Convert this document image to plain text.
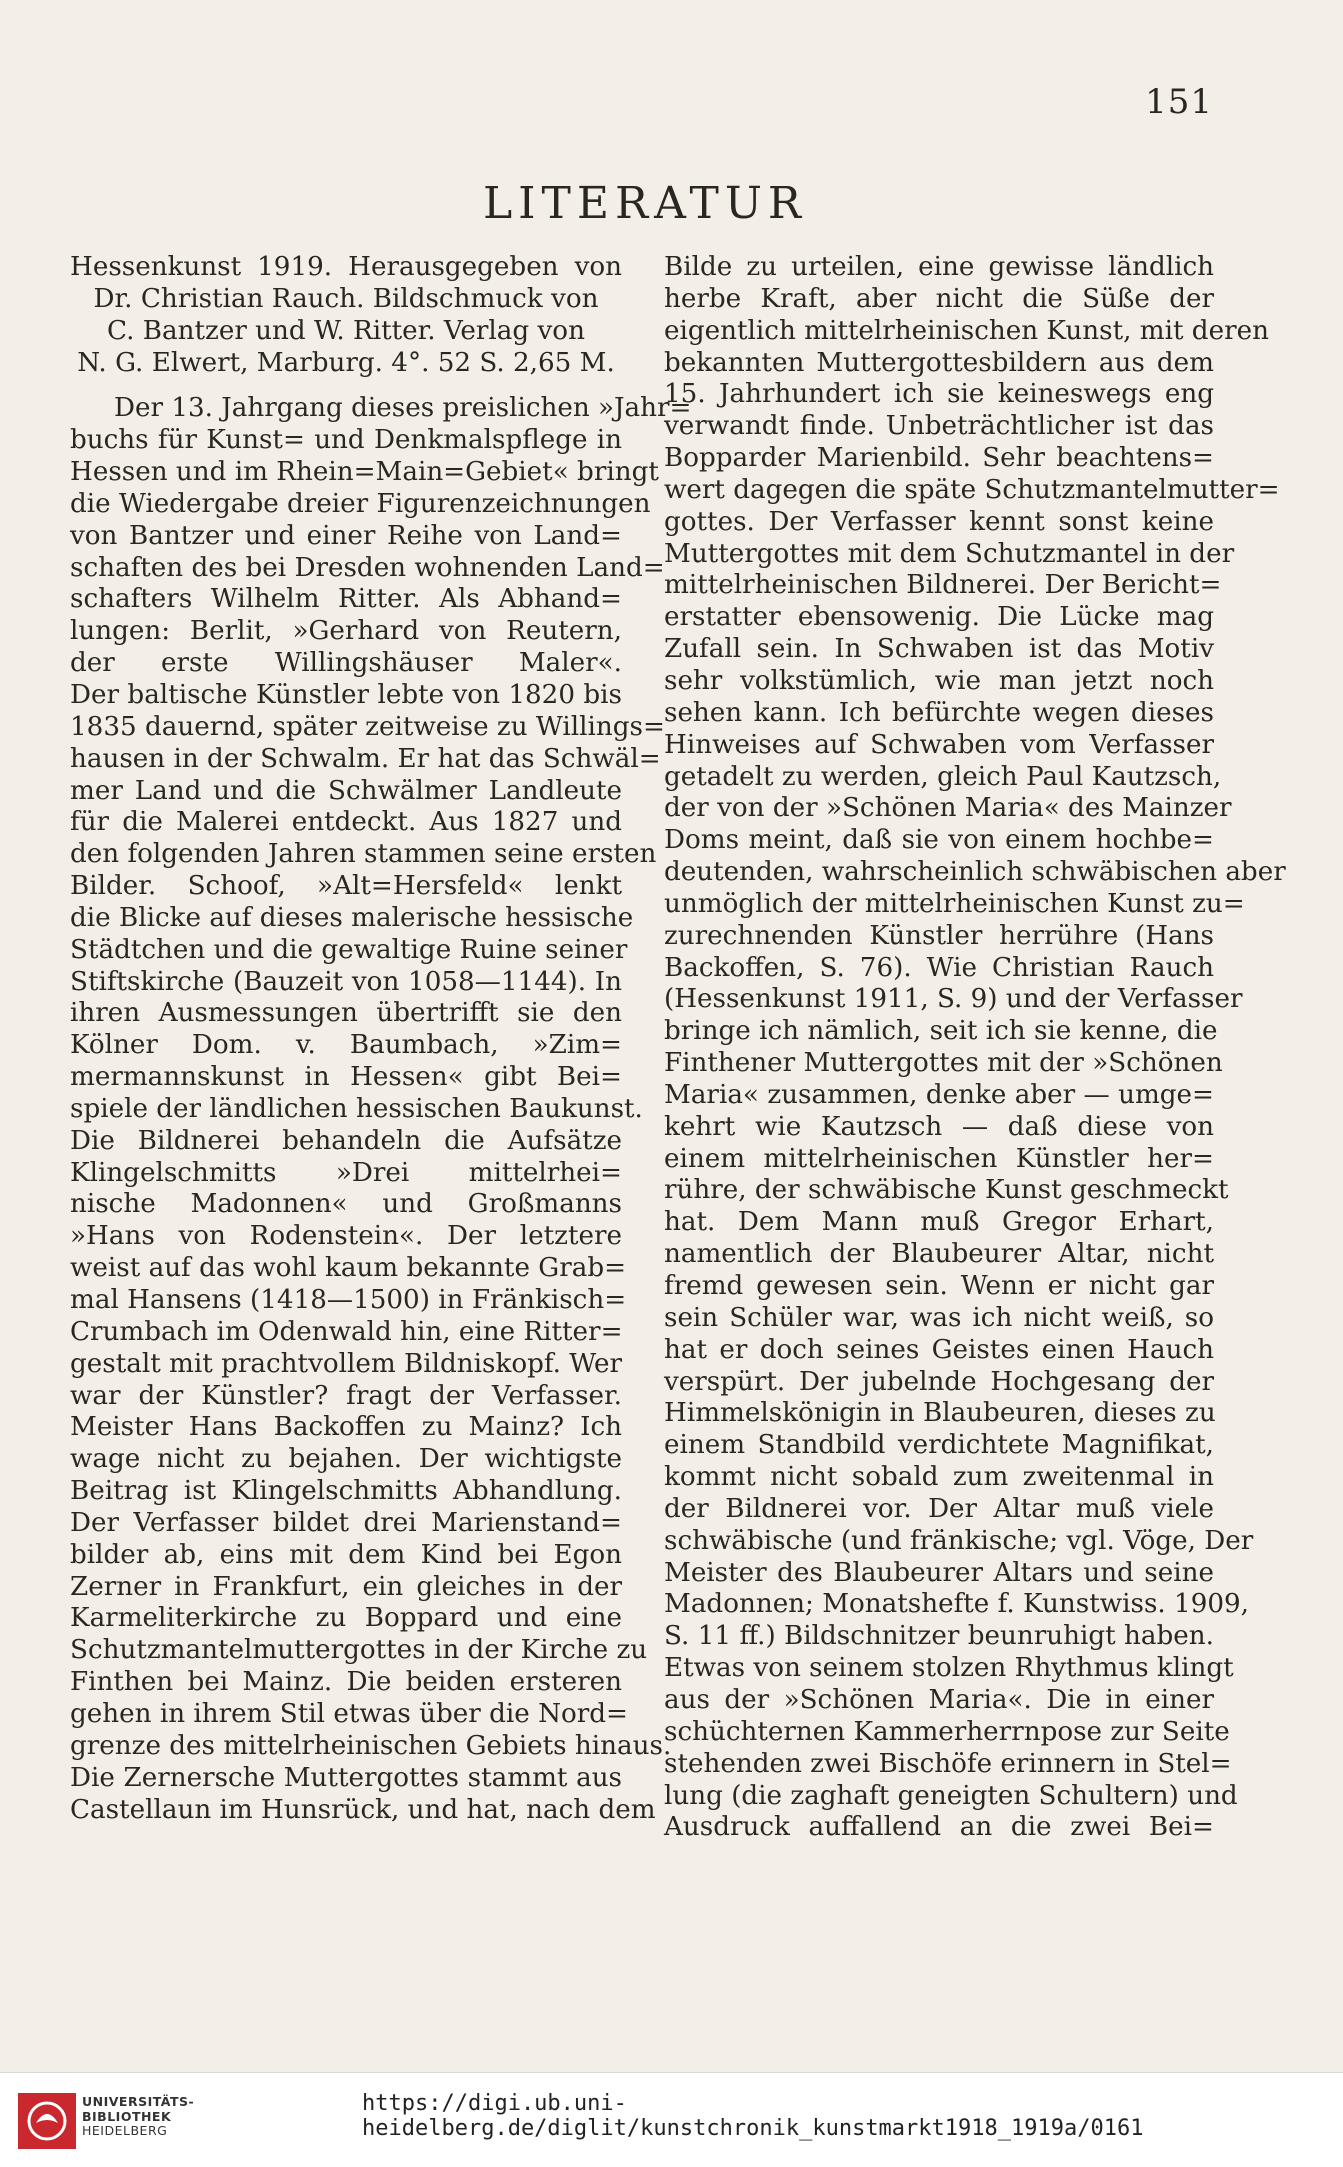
151
LITERATUR
Hessenkunst 1919. Herausgegeben von
Dr. Christian Rauch. Bildschmuck von
C. Bantzer und W. Ritter. Verlag von
N. G. Elwert, Marburg. 4°. 52 S. 2,65 M.
Der 13. Jahrgang dieses preislichen »Jahr=
buchs für Kunst= und Denkmalspflege in
Hessen und im Rhein=Main=Gebiet« bringt
die Wiedergabe dreier Figurenzeichnungen
von Bantzer und einer Reihe von Land=
schaften des bei Dresden wohnenden Land=
schafters Wilhelm Ritter. Als Abhand=
lungen: Berlit, »Gerhard von Reutern,
der erste Willingshäuser Maler«.
Der baltische Künstler lebte von 1820 bis
1835 dauernd, später zeitweise zu Willings=
hausen in der Schwalm. Er hat das Schwäl=
mer Land und die Schwälmer Landleute
für die Malerei entdeckt. Aus 1827 und
den folgenden Jahren stammen seine ersten
Bilder. Schoof, »Alt=Hersfeld« lenkt
die Blicke auf dieses malerische hessische
Städtchen und die gewaltige Ruine seiner
Stiftskirche (Bauzeit von 1058—1144). In
ihren Ausmessungen übertrifft sie den
Kölner Dom. v. Baumbach, »Zim=
mermannskunst in Hessen« gibt Bei=
spiele der ländlichen hessischen Baukunst.
Die Bildnerei behandeln die Aufsätze
Klingelschmitts »Drei mittelrhei=
nische Madonnen« und Großmanns
»Hans von Rodenstein«. Der letztere
weist auf das wohl kaum bekannte Grab=
mal Hansens (1418—1500) in Fränkisch=
Crumbach im Odenwald hin, eine Ritter=
gestalt mit prachtvollem Bildniskopf. Wer
war der Künstler? fragt der Verfasser.
Meister Hans Backoffen zu Mainz? Ich
wage nicht zu bejahen. Der wichtigste
Beitrag ist Klingelschmitts Abhandlung.
Der Verfasser bildet drei Marienstand=
bilder ab, eins mit dem Kind bei Egon
Zerner in Frankfurt, ein gleiches in der
Karmeliterkirche zu Boppard und eine
Schutzmantelmuttergottes in der Kirche zu
Finthen bei Mainz. Die beiden ersteren
gehen in ihrem Stil etwas über die Nord=
grenze des mittelrheinischen Gebiets hinaus.
Die Zernersche Muttergottes stammt aus
Castellaun im Hunsrück, und hat, nach dem
Bilde zu urteilen, eine gewisse ländlich
herbe Kraft, aber nicht die Süße der
eigentlich mittelrheinischen Kunst, mit deren
bekannten Muttergottesbildern aus dem
15. Jahrhundert ich sie keineswegs eng
verwandt finde. Unbeträchtlicher ist das
Bopparder Marienbild. Sehr beachtens=
wert dagegen die späte Schutzmantelmutter=
gottes. Der Verfasser kennt sonst keine
Muttergottes mit dem Schutzmantel in der
mittelrheinischen Bildnerei. Der Bericht=
erstatter ebensowenig. Die Lücke mag
Zufall sein. In Schwaben ist das Motiv
sehr volkstümlich, wie man jetzt noch
sehen kann. Ich befürchte wegen dieses
Hinweises auf Schwaben vom Verfasser
getadelt zu werden, gleich Paul Kautzsch,
der von der »Schönen Maria« des Mainzer
Doms meint, daß sie von einem hochbe=
deutenden, wahrscheinlich schwäbischen aber
unmöglich der mittelrheinischen Kunst zu=
zurechnenden Künstler herrühre (Hans
Backoffen, S. 76). Wie Christian Rauch
(Hessenkunst 1911, S. 9) und der Verfasser
bringe ich nämlich, seit ich sie kenne, die
Finthener Muttergottes mit der »Schönen
Maria« zusammen, denke aber — umge=
kehrt wie Kautzsch — daß diese von
einem mittelrheinischen Künstler her=
rühre, der schwäbische Kunst geschmeckt
hat. Dem Mann muß Gregor Erhart,
namentlich der Blaubeurer Altar, nicht
fremd gewesen sein. Wenn er nicht gar
sein Schüler war, was ich nicht weiß, so
hat er doch seines Geistes einen Hauch
verspürt. Der jubelnde Hochgesang der
Himmelskönigin in Blaubeuren, dieses zu
einem Standbild verdichtete Magnifikat,
kommt nicht sobald zum zweitenmal in
der Bildnerei vor. Der Altar muß viele
schwäbische (und fränkische; vgl. Vöge, Der
Meister des Blaubeurer Altars und seine
Madonnen; Monatshefte f. Kunstwiss. 1909,
S. 11 ff.) Bildschnitzer beunruhigt haben.
Etwas von seinem stolzen Rhythmus klingt
aus der »Schönen Maria«. Die in einer
schüchternen Kammerherrnpose zur Seite
stehenden zwei Bischöfe erinnern in Stel=
lung (die zaghaft geneigten Schultern) und
Ausdruck auffallend an die zwei Bei=
UNIVERSITÄTS-
BIBLIOTHEK
HEIDELBERG
https://digi.ub.uni-heidelberg.de/diglit/kunstchronik_kunstmarkt1918_1919a/0161
